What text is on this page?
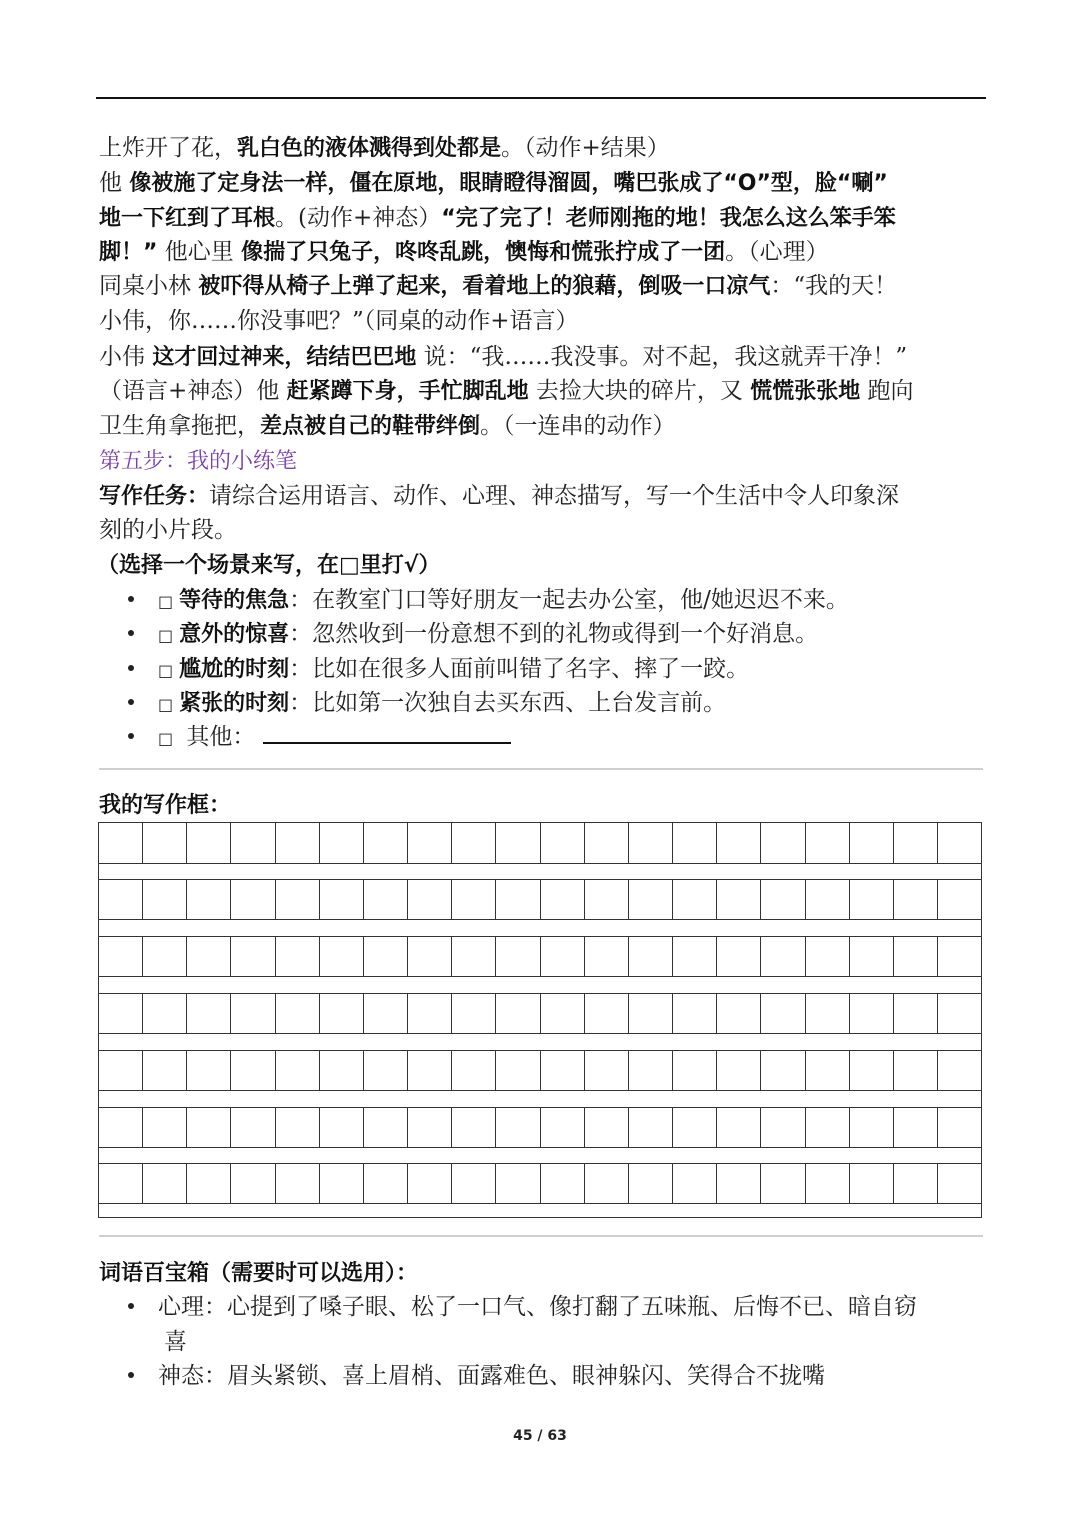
上炸开了花，乳白色的液体溅得到处都是。（动作+结果）
他 像被施了定身法一样，僵在原地，眼睛瞪得溜圆，嘴巴张成了“O”型，脸“唰”
地一下红到了耳根。(动作+神态）“完了完了！老师刚拖的地！我怎么这么笨手笨
脚！” 他心里 像揣了只兔子，咚咚乱跳，懊悔和慌张拧成了一团。（心理）
同桌小林 被吓得从椅子上弹了起来，看着地上的狼藉，倒吸一口凉气：“我的天！
小伟，你……你没事吧？”（同桌的动作+语言）
小伟 这才回过神来，结结巴巴地 说：“我……我没事。对不起，我这就弄干净！”
（语言+神态）他 赶紧蹲下身，手忙脚乱地 去捡大块的碎片，又 慌慌张张地 跑向
卫生角拿拖把，差点被自己的鞋带绊倒。（一连串的动作）
第五步：我的小练笔
写作任务：请综合运用语言、动作、心理、神态描写，写一个生活中令人印象深
刻的小片段。
（选择一个场景来写，在□里打√）
□ 等待的焦急：在教室门口等好朋友一起去办公室，他/她迟迟不来。
□ 意外的惊喜：忽然收到一份意想不到的礼物或得到一个好消息。
□ 尴尬的时刻：比如在很多人面前叫错了名字、摔了一跤。
□ 紧张的时刻：比如第一次独自去买东西、上台发言前。
□ 其他：
我的写作框：
词语百宝箱（需要时可以选用）：
心理：心提到了嗓子眼、松了一口气、像打翻了五味瓶、后悔不已、暗自窃
喜
神态：眉头紧锁、喜上眉梢、面露难色、眼神躲闪、笑得合不拢嘴
45 / 63
